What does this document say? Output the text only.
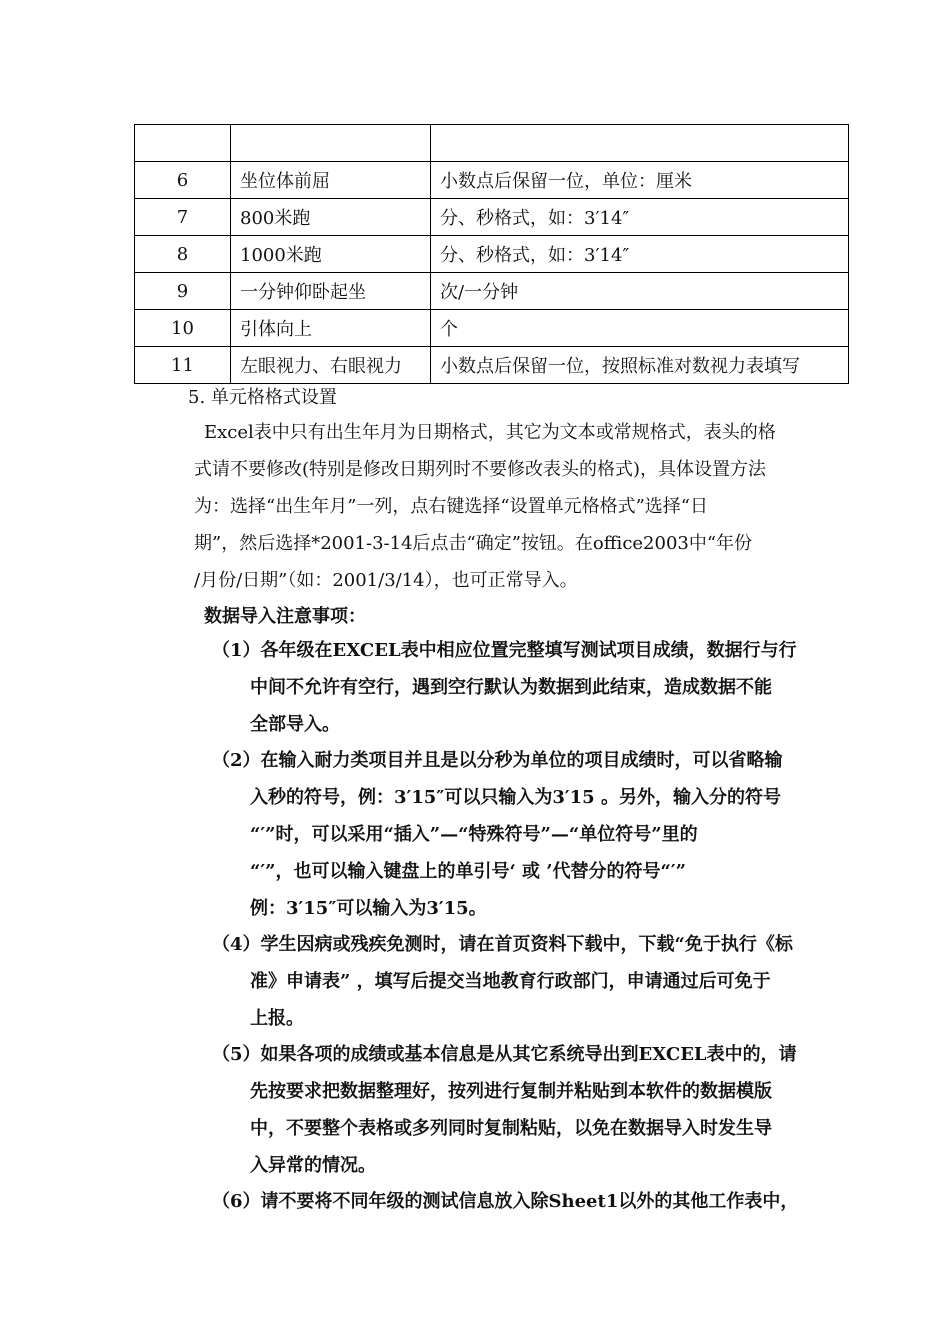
6	坐位体前屈	小数点后保留一位，单位：厘米
7	800米跑	分、秒格式，如：3′14″
8	1000米跑	分、秒格式，如：3′14″
9	一分钟仰卧起坐	次/一分钟
10	引体向上	个
11	左眼视力、右眼视力	小数点后保留一位，按照标准对数视力表填写
5. 单元格格式设置
Excel表中只有出生年月为日期格式，其它为文本或常规格式，表头的格
式请不要修改(特别是修改日期列时不要修改表头的格式)，具体设置方法
为：选择“出生年月”一列，点右键选择“设置单元格格式”选择“日
期”，然后选择*2001-3-14后点击“确定”按钮。在office2003中“年份
/月份/日期”（如：2001/3/14），也可正常导入。
数据导入注意事项：
（1）各年级在EXCEL表中相应位置完整填写测试项目成绩，数据行与行
中间不允许有空行，遇到空行默认为数据到此结束，造成数据不能
全部导入。
（2）在输入耐力类项目并且是以分秒为单位的项目成绩时，可以省略输
入秒的符号，例：3′15″可以只输入为3′15 。另外，输入分的符号
“′”时，可以采用“插入”—“特殊符号”—“单位符号”里的
“′”，也可以输入键盘上的单引号‘ 或 ’代替分的符号“′”
例：3′15″可以输入为3′15。
（4）学生因病或残疾免测时，请在首页资料下载中，下载“免于执行《标
准》申请表” ，填写后提交当地教育行政部门，申请通过后可免于
上报。
（5）如果各项的成绩或基本信息是从其它系统导出到EXCEL表中的，请
先按要求把数据整理好，按列进行复制并粘贴到本软件的数据模版
中，不要整个表格或多列同时复制粘贴，以免在数据导入时发生导
入异常的情况。
（6）请不要将不同年级的测试信息放入除Sheet1以外的其他工作表中，
